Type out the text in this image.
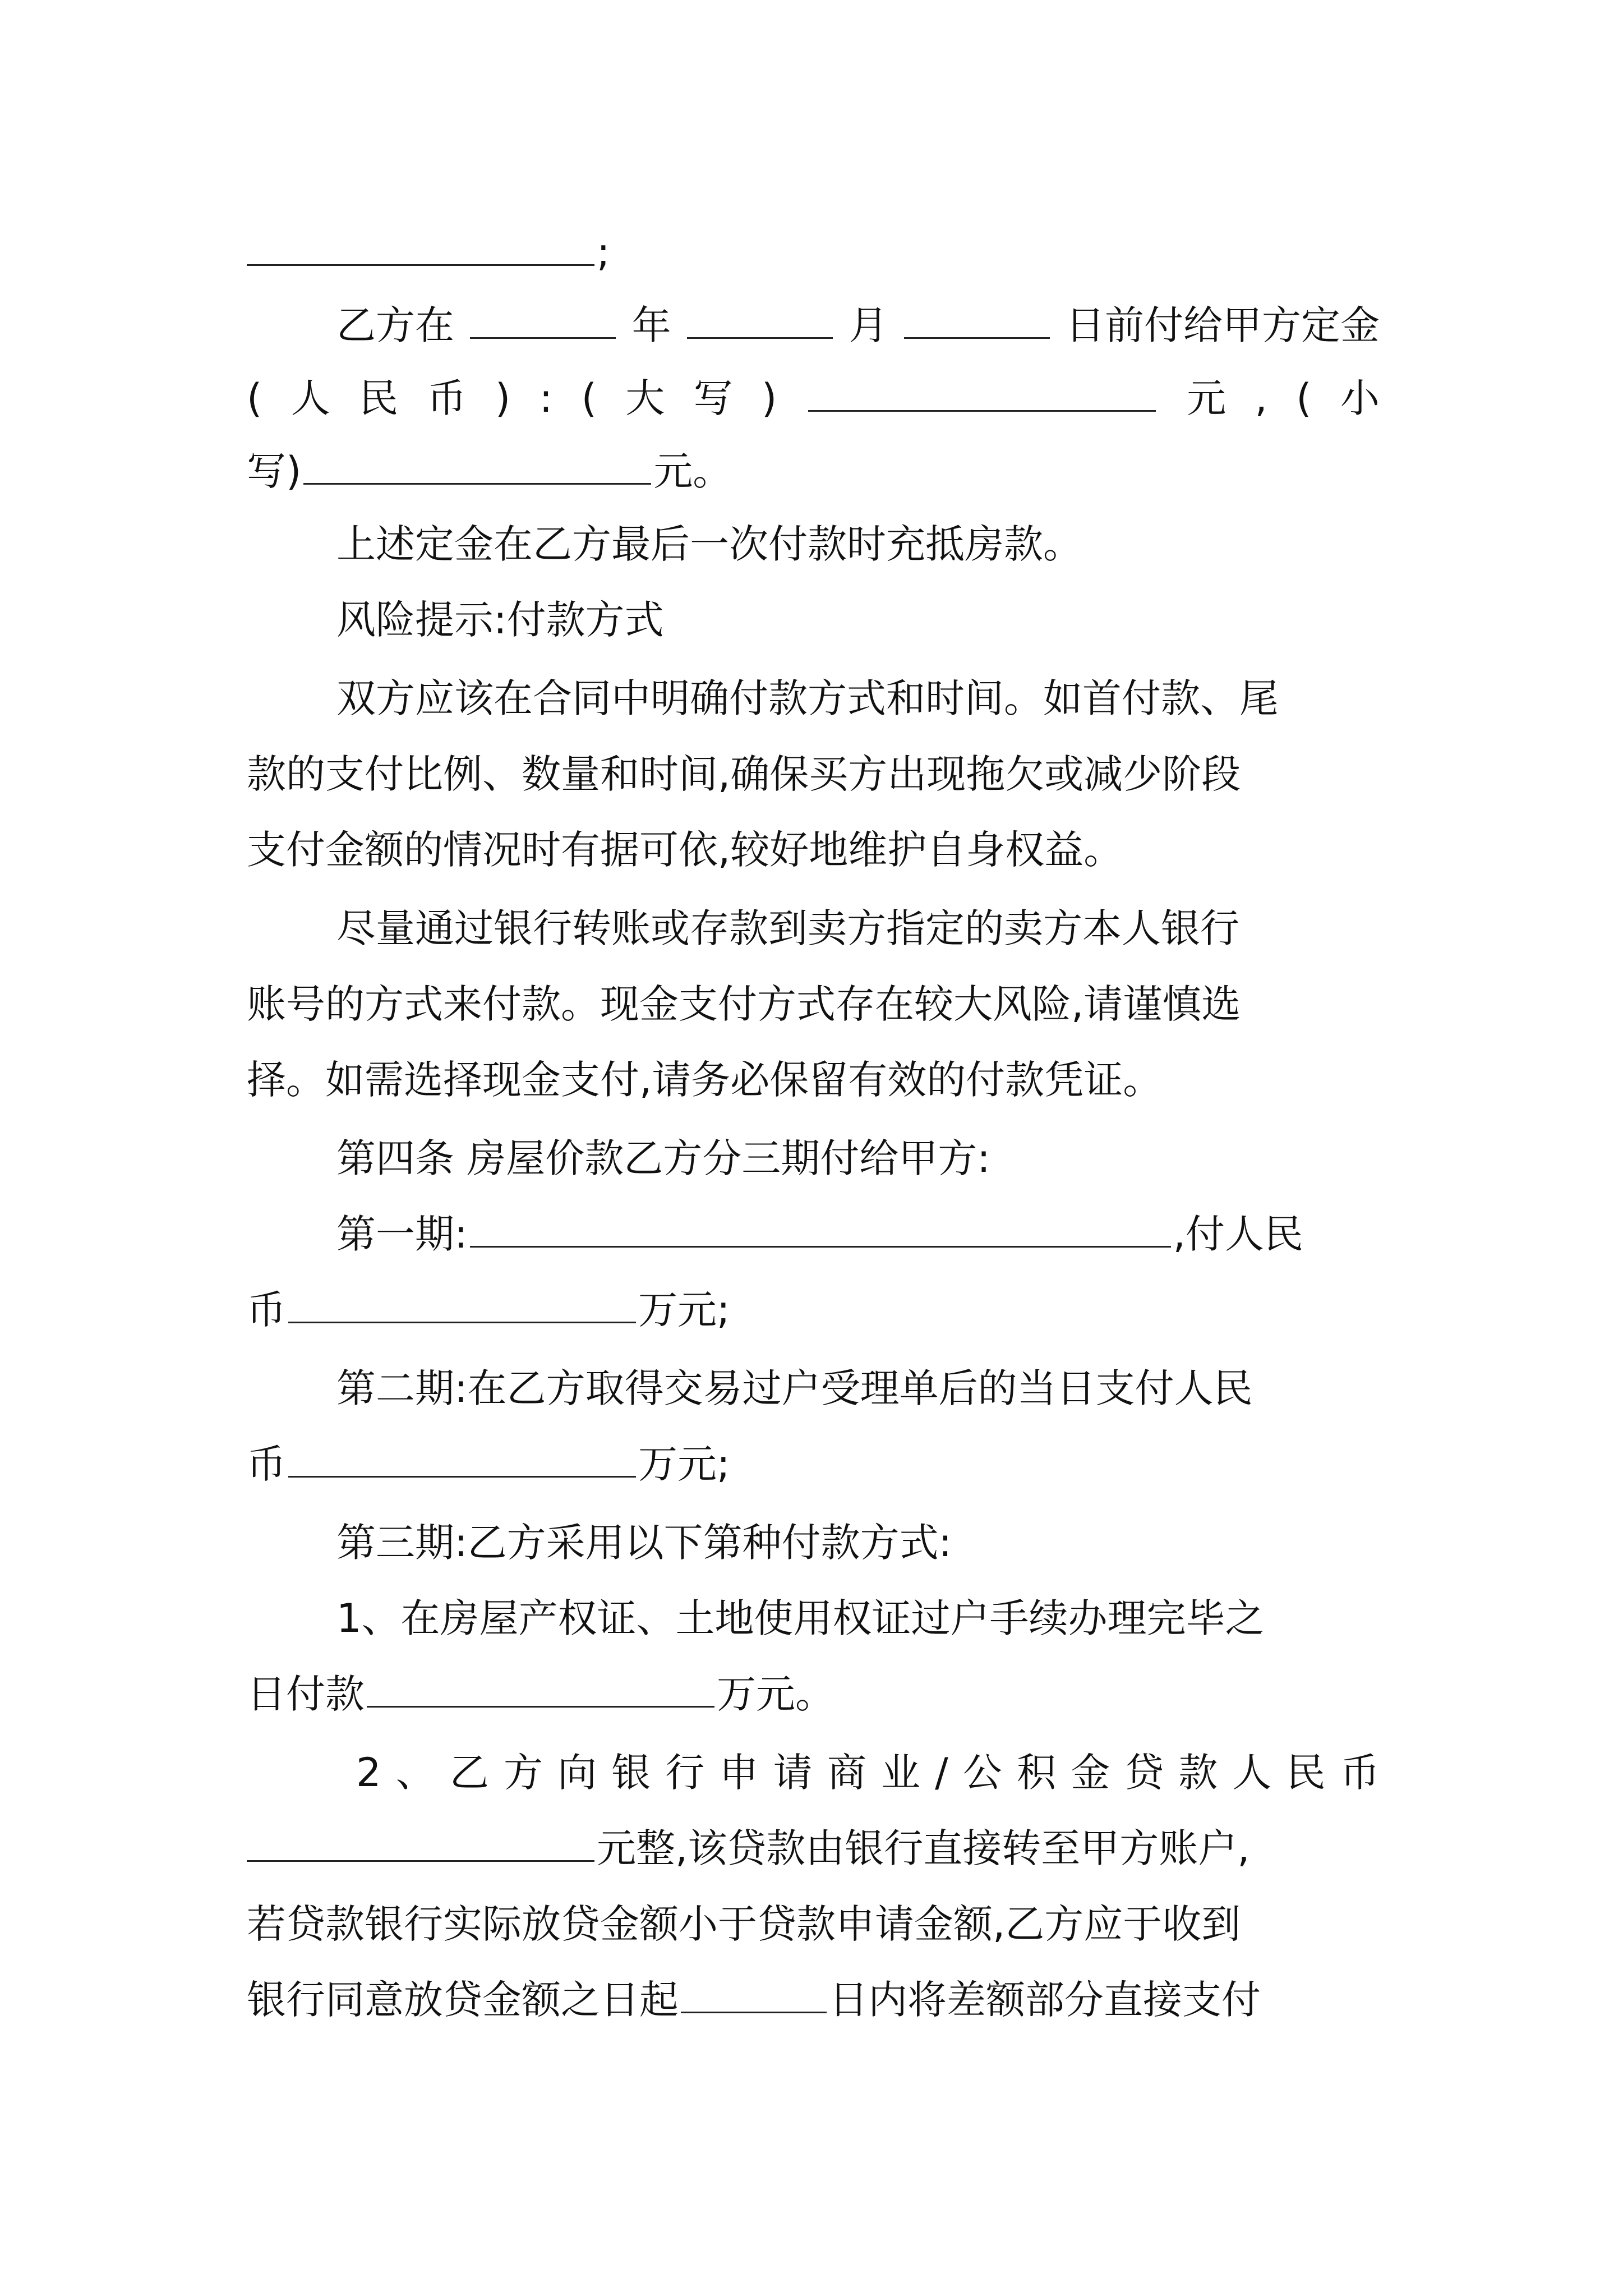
;
乙方在	年	月	日前付给甲方定金
( 人 民 币 ) : ( 大 写 )	元 , ( 小
写)	元。
上述定金在乙方最后一次付款时充抵房款。
风险提示:付款方式
双方应该在合同中明确付款方式和时间。如首付款、尾
款的支付比例、数量和时间,确保买方出现拖欠或减少阶段
支付金额的情况时有据可依,较好地维护自身权益。
尽量通过银行转账或存款到卖方指定的卖方本人银行
账号的方式来付款。现金支付方式存在较大风险,请谨慎选
择。如需选择现金支付,请务必保留有效的付款凭证。
第四条 房屋价款乙方分三期付给甲方:
第一期:	,付人民
币	万元;
第二期:在乙方取得交易过户受理单后的当日支付人民
币	万元;
第三期:乙方采用以下第种付款方式:
1、在房屋产权证、土地使用权证过户手续办理完毕之
日付款	万元。
2 、 乙 方 向 银 行 申 请 商 业 / 公 积 金 贷 款 人 民 币
元整,该贷款由银行直接转至甲方账户,
若贷款银行实际放贷金额小于贷款申请金额,乙方应于收到
银行同意放贷金额之日起	日内将差额部分直接支付
